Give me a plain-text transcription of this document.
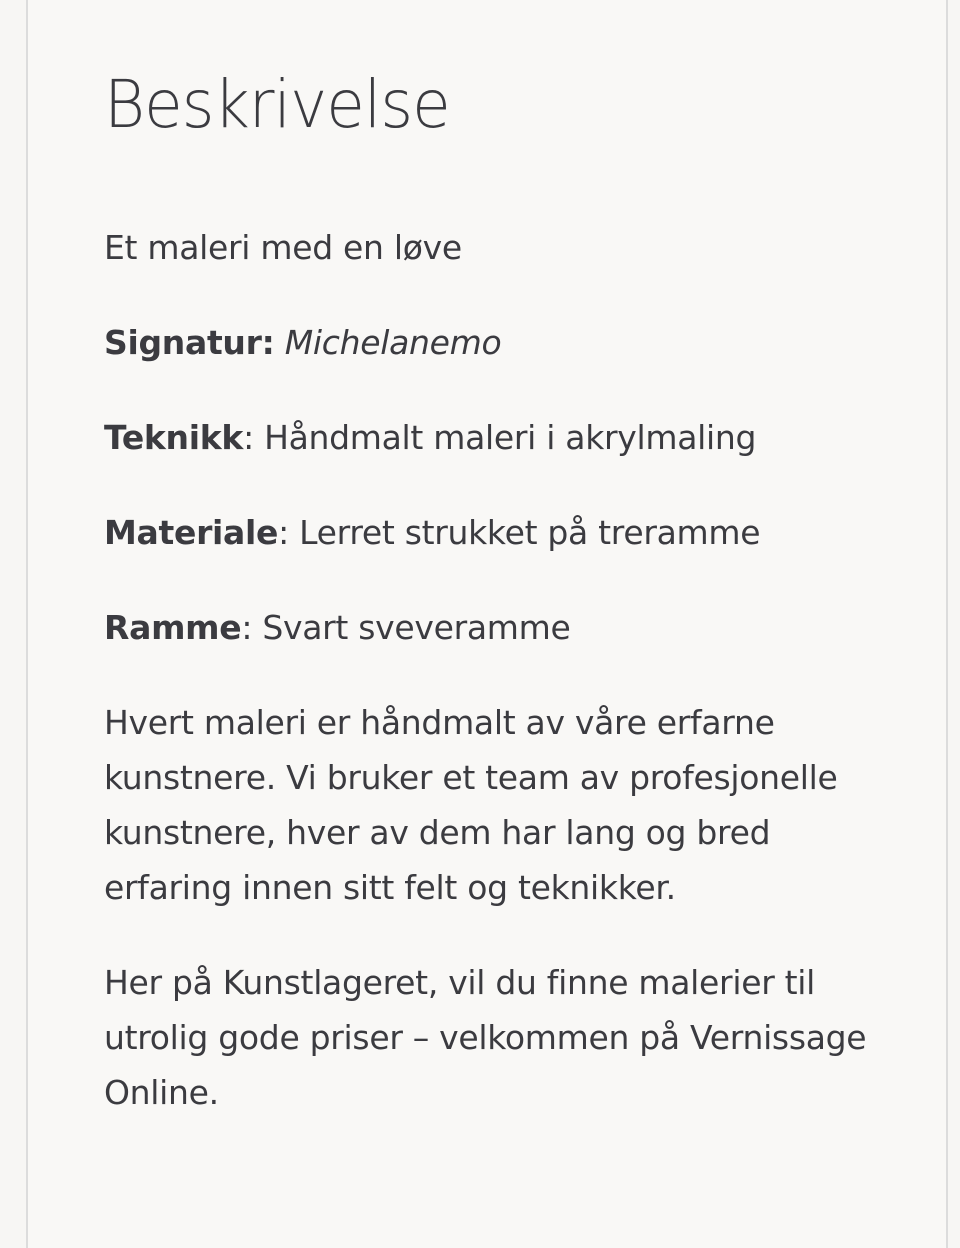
Beskrivelse

Et maleri med en løve

Signatur: Michelanemo

Teknikk: Håndmalt maleri i akrylmaling

Materiale: Lerret strukket på treramme

Ramme: Svart sveveramme

Hvert maleri er håndmalt av våre erfarne kunstnere. Vi bruker et team av profesjonelle kunstnere, hver av dem har lang og bred erfaring innen sitt felt og teknikker.

Her på Kunstlageret, vil du finne malerier til utrolig gode priser – velkommen på Vernissage Online.
